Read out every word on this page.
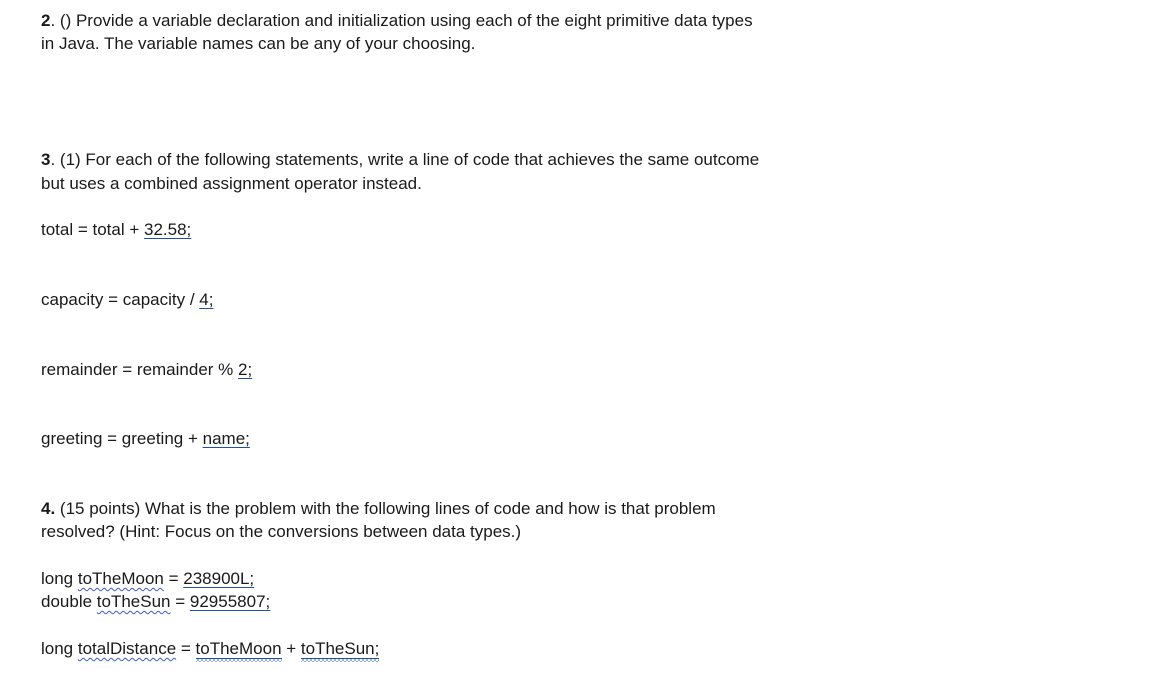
2. () Provide a variable declaration and initialization using each of the eight primitive data types
in Java. The variable names can be any of your choosing.
3. (1) For each of the following statements, write a line of code that achieves the same outcome
but uses a combined assignment operator instead.
total = total + 32.58;
capacity = capacity / 4;
remainder = remainder % 2;
greeting = greeting + name;
4. (15 points) What is the problem with the following lines of code and how is that problem
resolved? (Hint: Focus on the conversions between data types.)
long toTheMoon = 238900L;
double toTheSun = 92955807;
long totalDistance = toTheMoon
+ toTheSun;
